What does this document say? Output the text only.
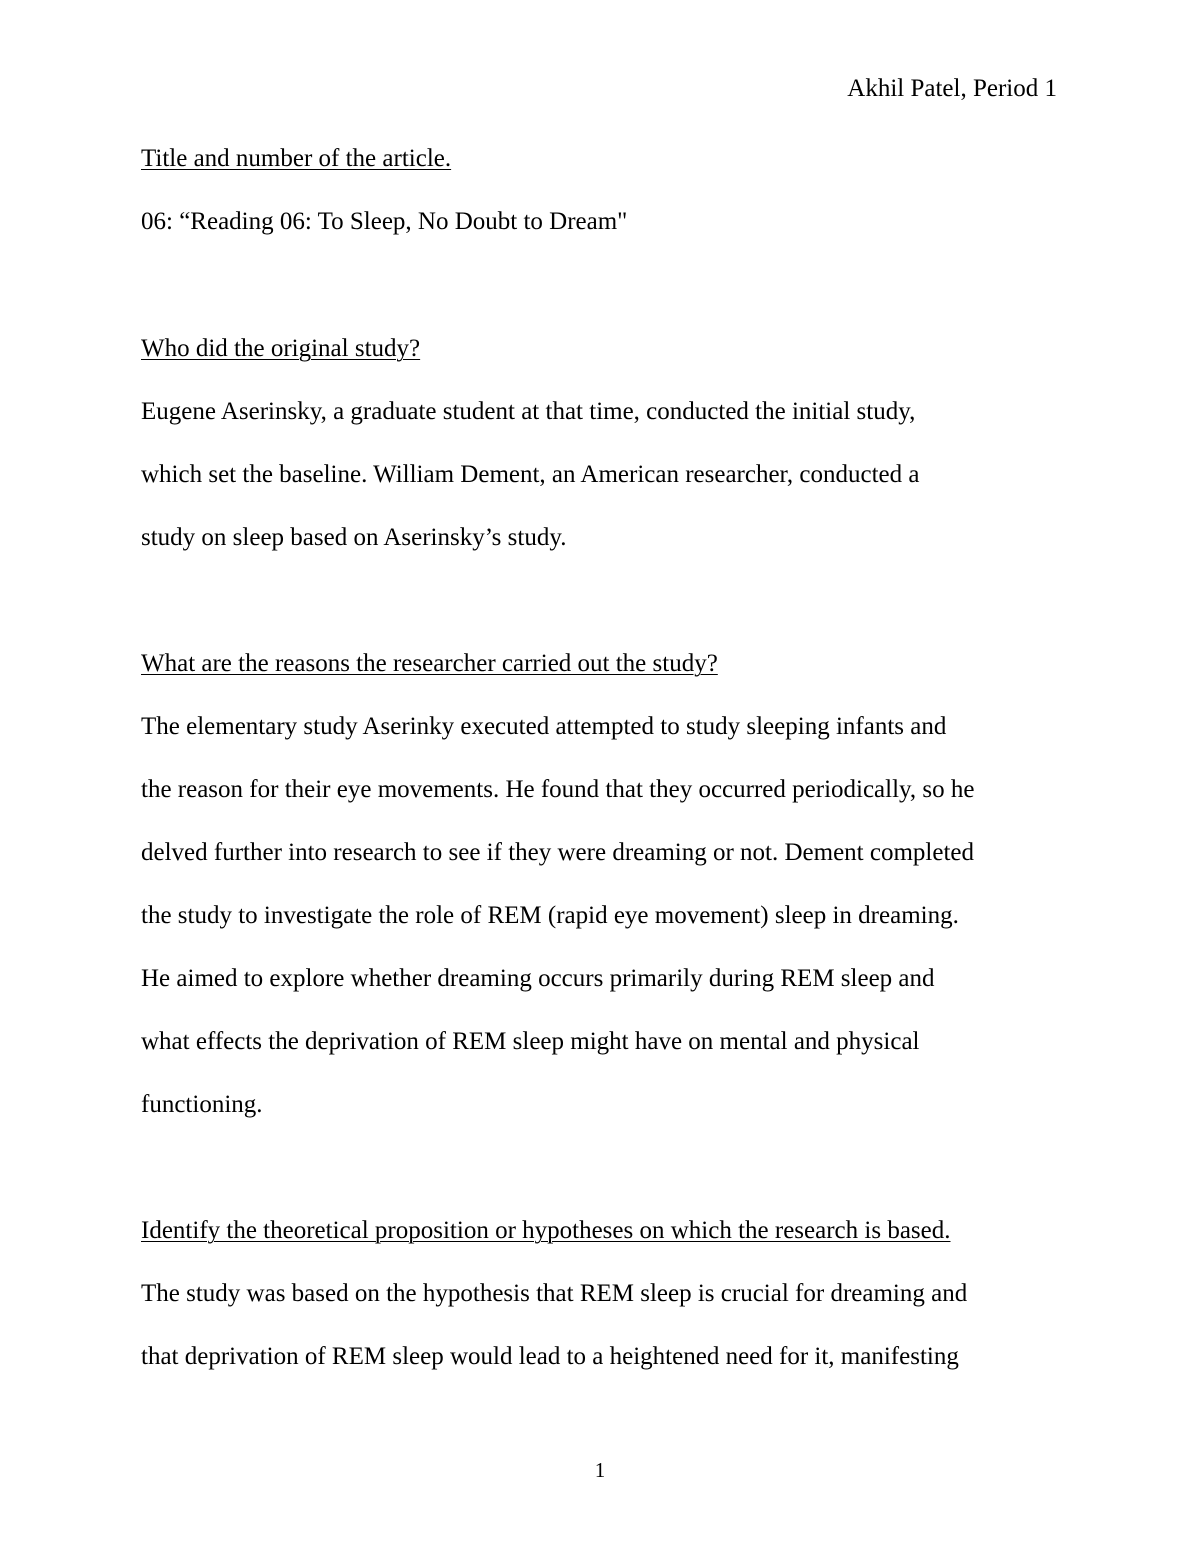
Akhil Patel, Period 1
Title and number of the article.
06: “Reading 06: To Sleep, No Doubt to Dream"
Who did the original study?
Eugene Aserinsky, a graduate student at that time, conducted the initial study,
which set the baseline. William Dement, an American researcher, conducted a
study on sleep based on Aserinsky’s study.
What are the reasons the researcher carried out the study?
The elementary study Aserinky executed attempted to study sleeping infants and
the reason for their eye movements. He found that they occurred periodically, so he
delved further into research to see if they were dreaming or not. Dement completed
the study to investigate the role of REM (rapid eye movement) sleep in dreaming.
He aimed to explore whether dreaming occurs primarily during REM sleep and
what effects the deprivation of REM sleep might have on mental and physical
functioning.
Identify the theoretical proposition or hypotheses on which the research is based.
The study was based on the hypothesis that REM sleep is crucial for dreaming and
that deprivation of REM sleep would lead to a heightened need for it, manifesting
1
